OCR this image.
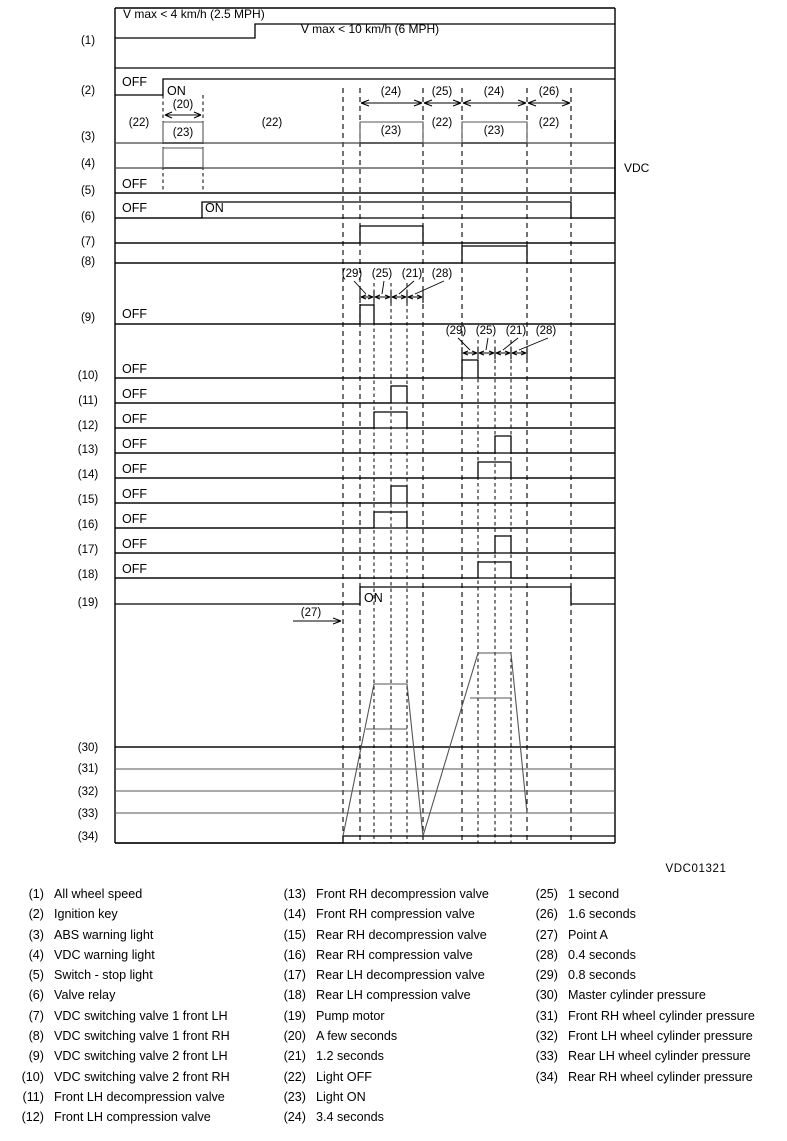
(1)
(2)
(3)
(4)
(5)
(6)
(7)
(8)
(9)
(10)
(11)
(12)
(13)
(14)
(15)
(16)
(17)
(18)
(19)
(30)
(31)
(32)
(33)
(34)
V max < 4 km/h (2.5 MPH)
V max < 10 km/h (6 MPH)
OFF
ON
(20)
(22)
(23)
(22)
(23)
(22)
(23)
(22)
(24)	(25)	(24)	(26)
VDC
OFF
OFF	ON
(29) (25) (21) (28)
OFF
(29) (25) (21) (28)
OFF
OFF
OFF
OFF
OFF
OFF
OFF
OFF
OFF
ON
(27)
VDC01321
(1) All wheel speed
(2) Ignition key
(3) ABS warning light
(4) VDC warning light
(5) Switch - stop light
(6) Valve relay
(7) VDC switching valve 1 front LH
(8) VDC switching valve 1 front RH
(9) VDC switching valve 2 front LH
(10) VDC switching valve 2 front RH
(11) Front LH decompression valve
(12) Front LH compression valve
(13) Front RH decompression valve
(14) Front RH compression valve
(15) Rear RH decompression valve
(16) Rear RH compression valve
(17) Rear LH decompression valve
(18) Rear LH compression valve
(19) Pump motor
(20) A few seconds
(21) 1.2 seconds
(22) Light OFF
(23) Light ON
(24) 3.4 seconds
(25) 1 second
(26) 1.6 seconds
(27) Point A
(28) 0.4 seconds
(29) 0.8 seconds
(30) Master cylinder pressure
(31) Front RH wheel cylinder pressure
(32) Front LH wheel cylinder pressure
(33) Rear LH wheel cylinder pressure
(34) Rear RH wheel cylinder pressure
